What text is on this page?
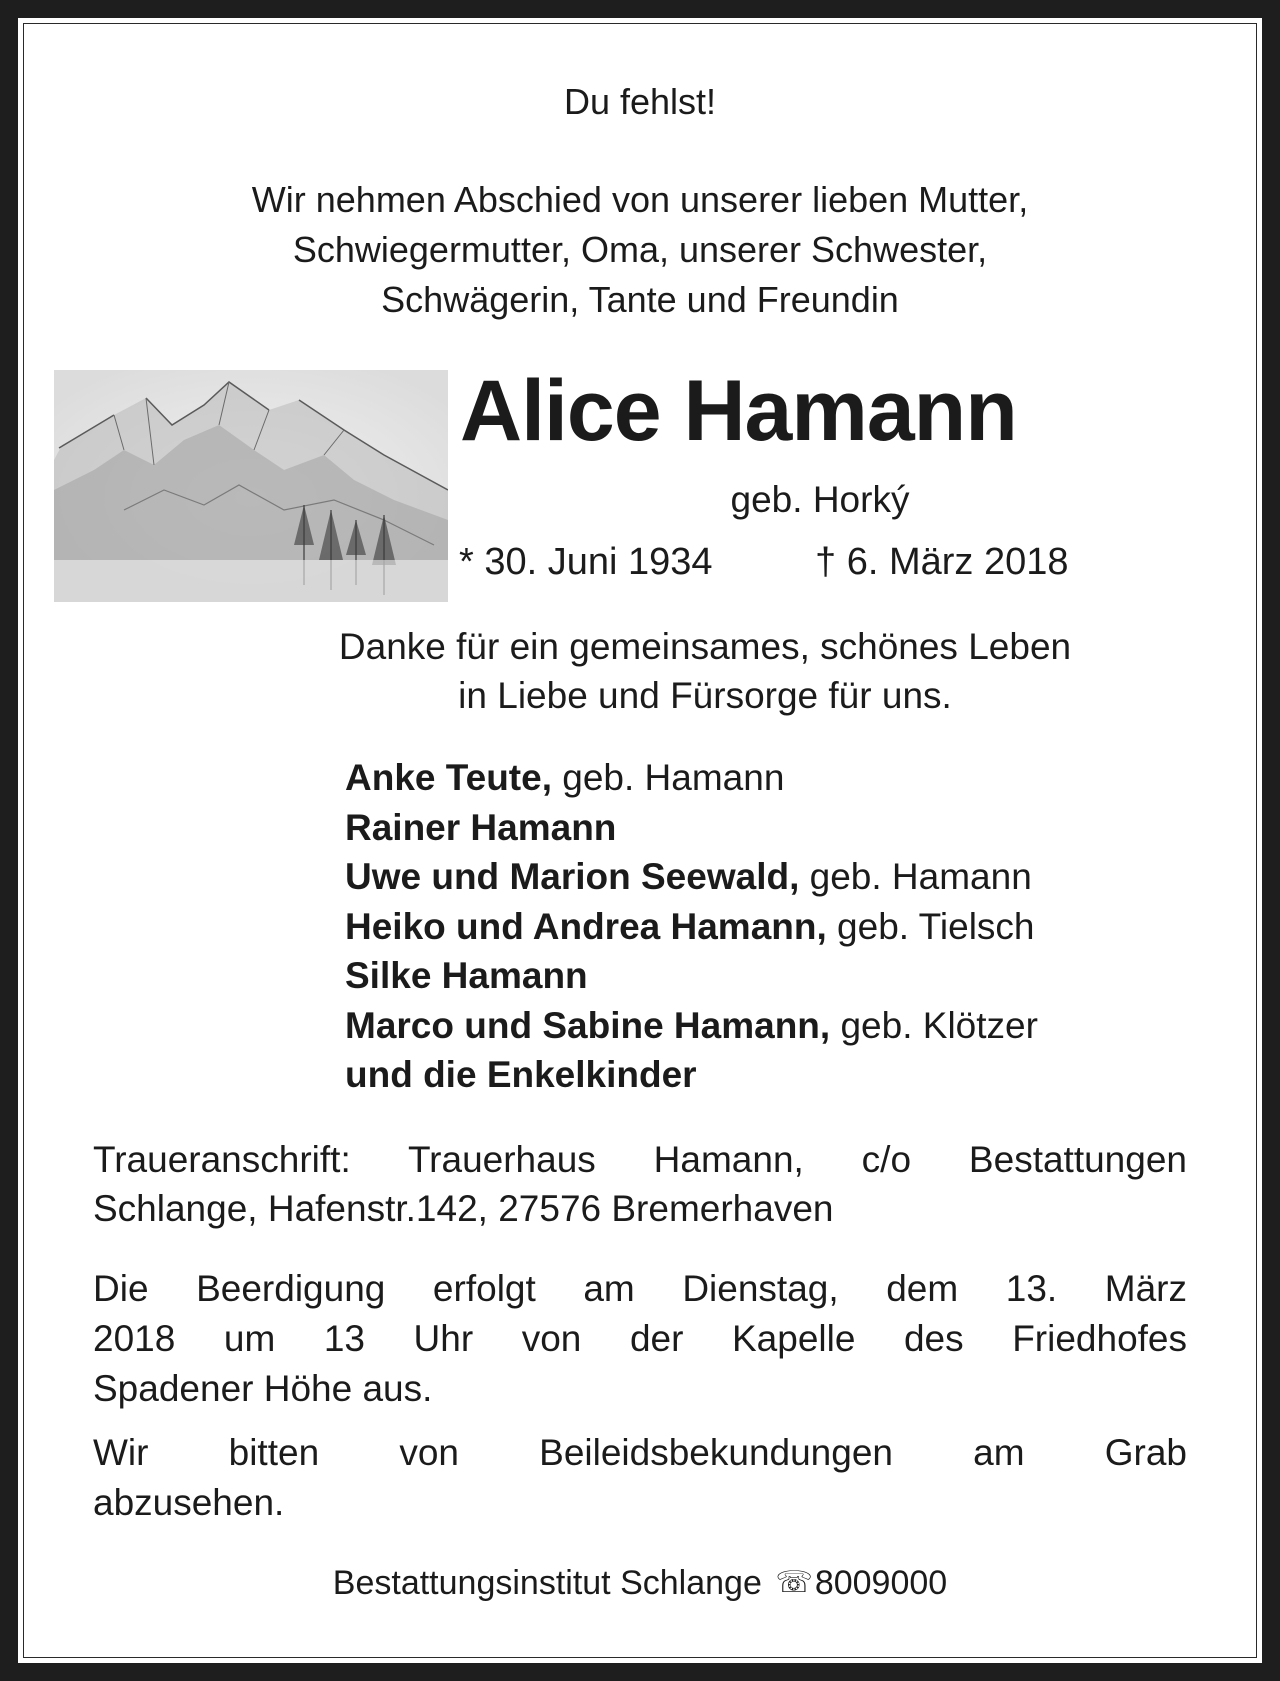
Du fehlst!

Wir nehmen Abschied von unserer lieben Mutter,
Schwiegermutter, Oma, unserer Schwester,
Schwägerin, Tante und Freundin
Alice Hamann

geb. Horký

* 30. Juni 1934	† 6. März 2018

Danke für ein gemeinsames, schönes Leben
in Liebe und Fürsorge für uns.
Anke Teute, geb. Hamann
Rainer Hamann
Uwe und Marion Seewald, geb. Hamann
Heiko und Andrea Hamann, geb. Tielsch
Silke Hamann
Marco und Sabine Hamann, geb. Klötzer
und die Enkelkinder
Traueranschrift: Trauerhaus Hamann, c/o Bestattungen
Schlange, Hafenstr.142, 27576 Bremerhaven
Die Beerdigung erfolgt am Dienstag, dem 13. März
2018 um 13 Uhr von der Kapelle des Friedhofes
Spadener Höhe aus.
Wir bitten von Beileidsbekundungen am Grab
abzusehen.

Bestattungsinstitut Schlange ☏8009000
